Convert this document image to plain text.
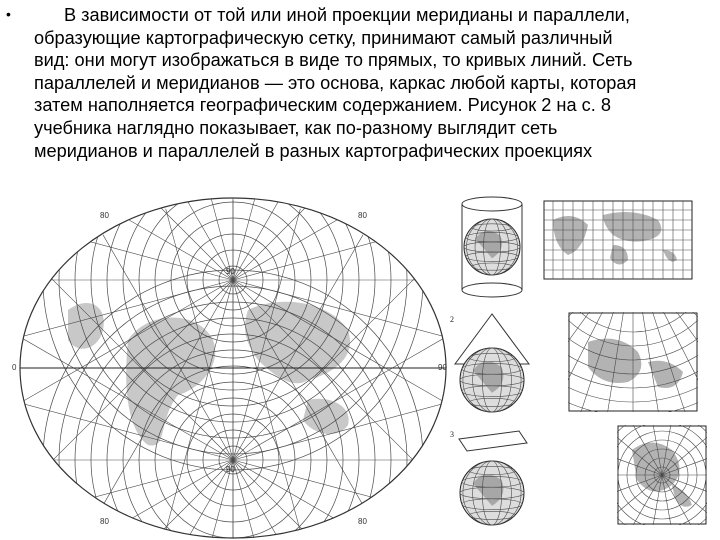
•	В зависимости от той или иной проекции меридианы и параллели,
образующие картографическую сетку, принимают самый различный
вид: они могут изображаться в виде то прямых, то кривых линий. Сеть
параллелей и меридианов — это основа, каркас любой карты, которая
затем наполняется географическим содержанием. Рисунок 2 на с. 8
учебника наглядно показывает, как по-разному выглядит сеть
меридианов и параллелей в разных картографических проекциях
0	90
90
90
80	80
80	80
2
3
